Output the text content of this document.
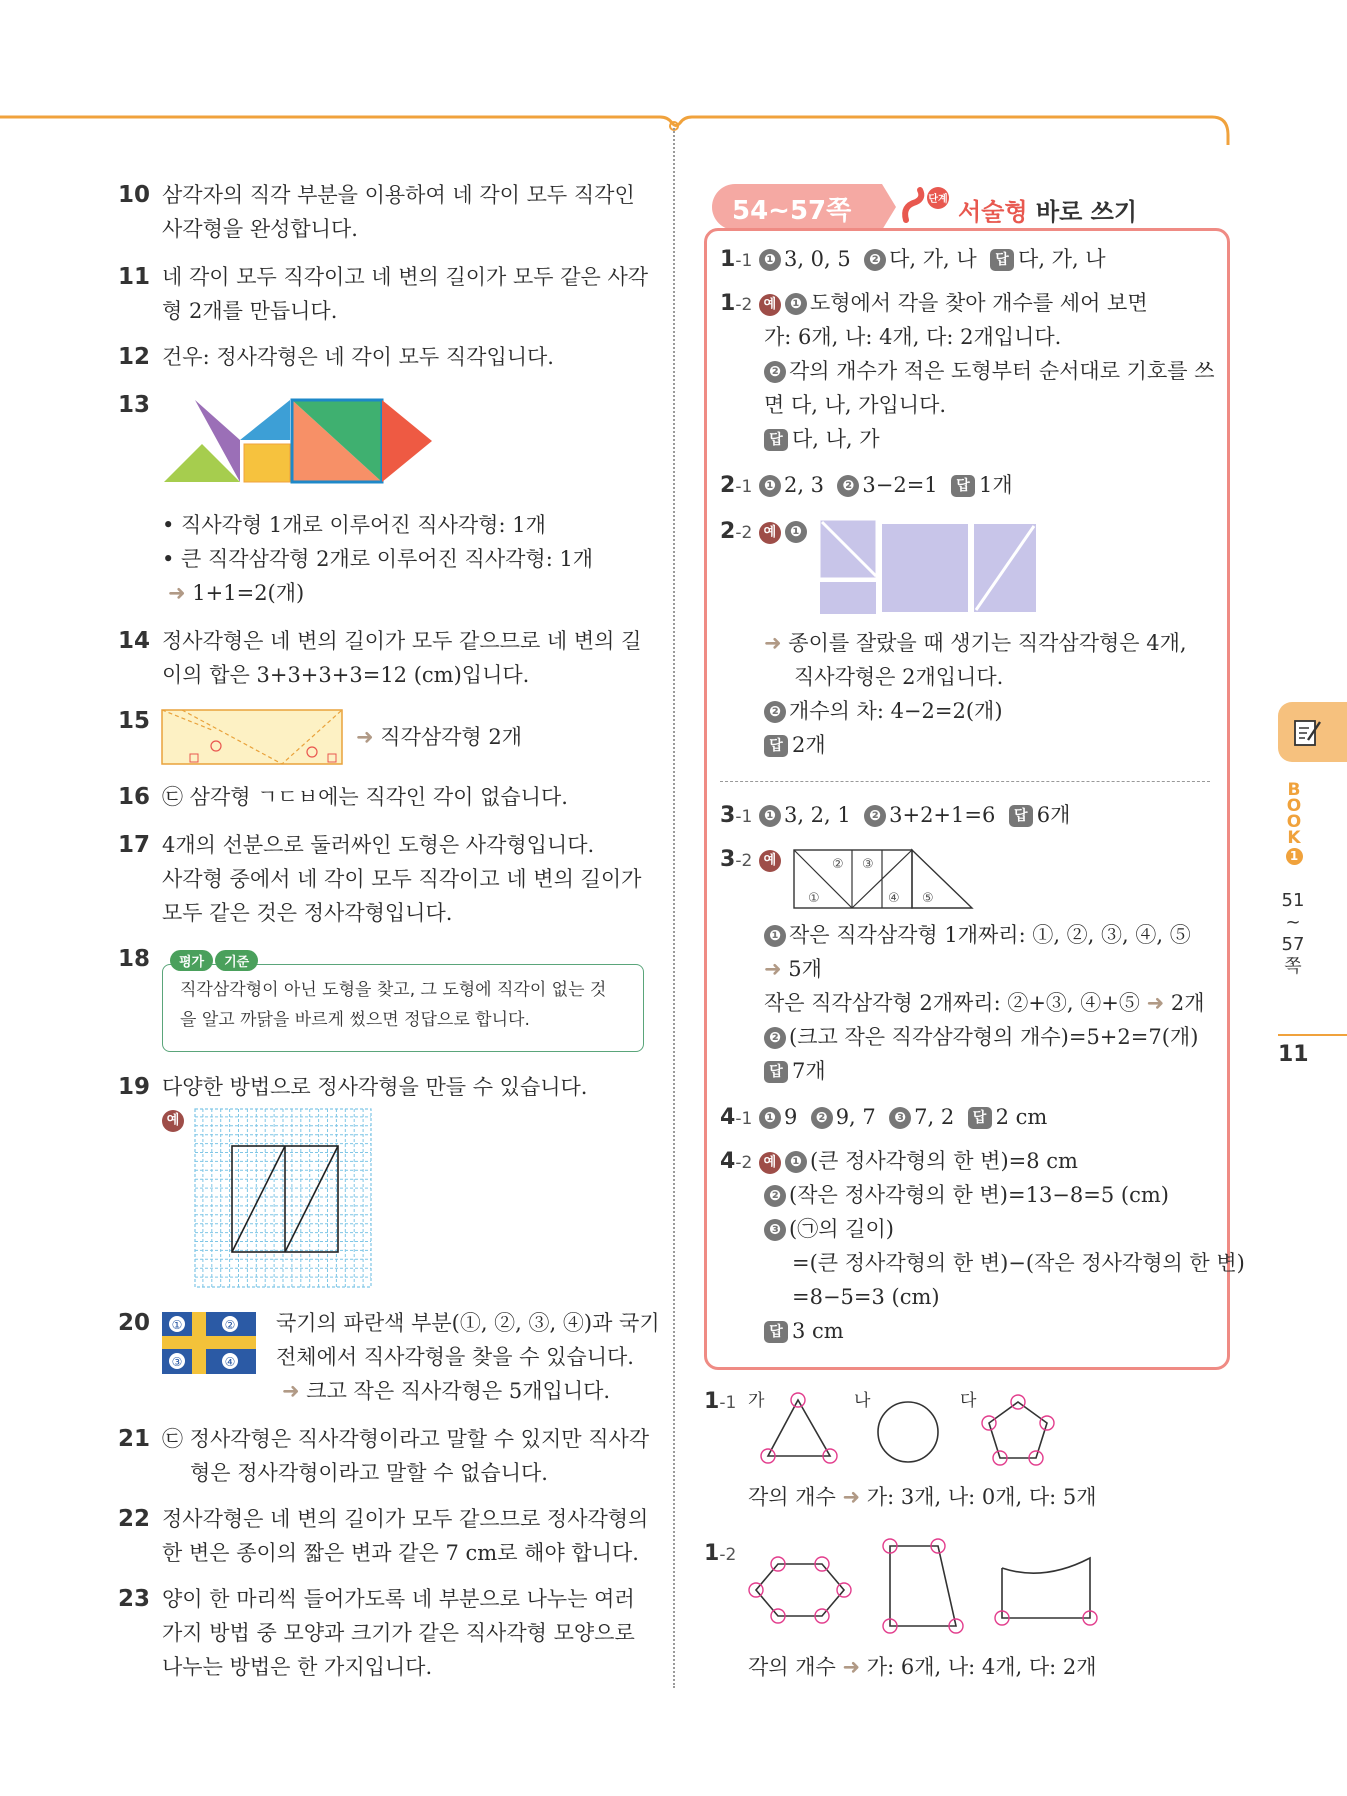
10 삼각자의 직각 부분을 이용하여 네 각이 모두 직각인
사각형을 완성합니다.
11 네 각이 모두 직각이고 네 변의 길이가 모두 같은 사각
형 2개를 만듭니다.
12 건우: 정사각형은 네 각이 모두 직각입니다.
13
• 직사각형 1개로 이루어진 직사각형: 1개
• 큰 직각삼각형 2개로 이루어진 직사각형: 1개
➜ 1+1=2(개)
14 정사각형은 네 변의 길이가 모두 같으므로 네 변의 길
이의 합은 3+3+3+3=12 (cm)입니다.
15
➜ 직각삼각형 2개
16 ㉢ 삼각형 ㄱㄷㅂ에는 직각인 각이 없습니다.
17 4개의 선분으로 둘러싸인 도형은 사각형입니다.
사각형 중에서 네 각이 모두 직각이고 네 변의 길이가
모두 같은 것은 정사각형입니다.
18	평가 기준
직각삼각형이 아닌 도형을 찾고, 그 도형에 직각이 없는 것
을 알고 까닭을 바르게 썼으면 정답으로 합니다.
19 다양한 방법으로 정사각형을 만들 수 있습니다.
예
20 ①	②
③	④
국기의 파란색 부분(①, ②, ③, ④)과 국기
전체에서 직사각형을 찾을 수 있습니다.
➜ 크고 작은 직사각형은 5개입니다.
21 ㉢ 정사각형은 직사각형이라고 말할 수 있지만 직사각
형은 정사각형이라고 말할 수 없습니다.
22 정사각형은 네 변의 길이가 모두 같으므로 정사각형의
한 변은 종이의 짧은 변과 같은 7 cm로 해야 합니다.
23 양이 한 마리씩 들어가도록 네 부분으로 나누는 여러
가지 방법 중 모양과 크기가 같은 직사각형 모양으로
나누는 방법은 한 가지입니다.
54~57쪽	단계
5 서술형 바로 쓰기
1-1 ❶ 3, 0, 5 ❷ 다, 가, 나 답 다, 가, 나
1-2 예 ❶ 도형에서 각을 찾아 개수를 세어 보면
가: 6개, 나: 4개, 다: 2개입니다.
❷ 각의 개수가 적은 도형부터 순서대로 기호를 쓰
면 다, 나, 가입니다.
답 다, 나, 가
2-1 ❶ 2, 3 ❷ 3−2=1 답 1개
2-2 예 ❶
➜ 종이를 잘랐을 때 생기는 직각삼각형은 4개,
직사각형은 2개입니다.
❷ 개수의 차: 4−2=2(개)
답 2개
3-1 ❶ 3, 2, 1 ❷ 3+2+1=6 답 6개
3-2 예	② ③
①	④ ⑤
❶ 작은 직각삼각형 1개짜리: ①, ②, ③, ④, ⑤
➜ 5개
작은 직각삼각형 2개짜리: ②+③, ④+⑤ ➜ 2개
❷ (크고 작은 직각삼각형의 개수)=5+2=7(개)
답 7개
4-1 ❶ 9 ❷ 9, 7 ❸ 7, 2 답 2 cm
4-2 예 ❶ (큰 정사각형의 한 변)=8 cm
❷ (작은 정사각형의 한 변)=13−8=5 (cm)
❸ (㉠의 길이)
=(큰 정사각형의 한 변)−(작은 정사각형의 한 변)
=8−5=3 (cm)
답 3 cm
1-1 가	나	다
각의 개수 ➜ 가: 3개, 나: 0개, 다: 5개
1-2
각의 개수 ➜ 가: 6개, 나: 4개, 다: 2개
B
O
O
K
1
51
~
57
쪽
11
